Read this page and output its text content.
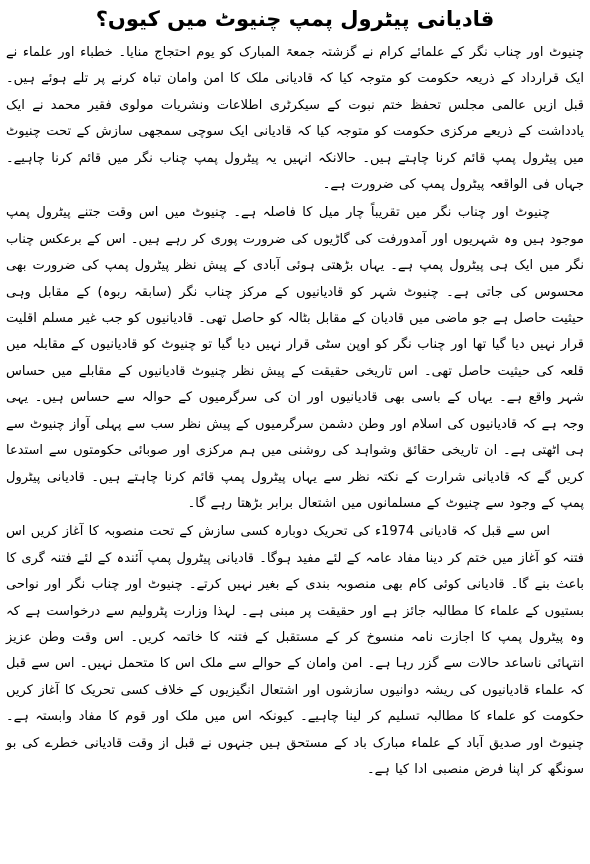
قادیانی پیٹرول پمپ چنیوٹ میں کیوں؟

چنیوٹ اور چناب نگر کے علمائے کرام نے گزشتہ جمعۃ المبارک کو یوم احتجاج منایا۔ خطباء اور علماء نے ایک قرارداد کے ذریعہ حکومت کو متوجہ کیا کہ قادیانی ملک کا امن وامان تباہ کرنے پر تلے ہوئے ہیں۔ قبل ازیں عالمی مجلس تحفظ ختم نبوت کے سیکرٹری اطلاعات ونشریات مولوی فقیر محمد نے ایک یادداشت کے ذریعے مرکزی حکومت کو متوجہ کیا کہ قادیانی ایک سوچی سمجھی سازش کے تحت چنیوٹ میں پیٹرول پمپ قائم کرنا چاہتے ہیں۔ حالانکہ انہیں یہ پیٹرول پمپ چناب نگر میں قائم کرنا چاہیے۔ جہاں فی الواقعہ پیٹرول پمپ کی ضرورت ہے۔

چنیوٹ اور چناب نگر میں تقریباً چار میل کا فاصلہ ہے۔ چنیوٹ میں اس وقت جتنے پیٹرول پمپ موجود ہیں وہ شہریوں اور آمدورفت کی گاڑیوں کی ضرورت پوری کر رہے ہیں۔ اس کے برعکس چناب نگر میں ایک ہی پیٹرول پمپ ہے۔ یہاں بڑھتی ہوئی آبادی کے پیش نظر پیٹرول پمپ کی ضرورت بھی محسوس کی جاتی ہے۔ چنیوٹ شہر کو قادیانیوں کے مرکز چناب نگر (سابقہ ربوہ) کے مقابل وہی حیثیت حاصل ہے جو ماضی میں قادیان کے مقابل بٹالہ کو حاصل تھی۔ قادیانیوں کو جب غیر مسلم اقلیت قرار نہیں دیا گیا تھا اور چناب نگر کو اوپن سٹی قرار نہیں دیا گیا تو چنیوٹ کو قادیانیوں کے مقابلہ میں قلعہ کی حیثیت حاصل تھی۔ اس تاریخی حقیقت کے پیش نظر چنیوٹ قادیانیوں کے مقابلے میں حساس شہر واقع ہے۔ یہاں کے باسی بھی قادیانیوں اور ان کی سرگرمیوں کے حوالہ سے حساس ہیں۔ یہی وجہ ہے کہ قادیانیوں کی اسلام اور وطن دشمن سرگرمیوں کے پیش نظر سب سے پہلی آواز چنیوٹ سے ہی اٹھتی ہے۔ ان تاریخی حقائق وشواہد کی روشنی میں ہم مرکزی اور صوبائی حکومتوں سے استدعا کریں گے کہ قادیانی شرارت کے نکتہ نظر سے یہاں پیٹرول پمپ قائم کرنا چاہتے ہیں۔ قادیانی پیٹرول پمپ کے وجود سے چنیوٹ کے مسلمانوں میں اشتعال برابر بڑھتا رہے گا۔

اس سے قبل کہ قادیانی 1974ء کی تحریک دوبارہ کسی سازش کے تحت منصوبہ کا آغاز کریں اس فتنہ کو آغاز میں ختم کر دینا مفاد عامہ کے لئے مفید ہوگا۔ قادیانی پیٹرول پمپ آئندہ کے لئے فتنہ گری کا باعث بنے گا۔ قادیانی کوئی کام بھی منصوبہ بندی کے بغیر نہیں کرتے۔ چنیوٹ اور چناب نگر اور نواحی بستیوں کے علماء کا مطالبہ جائز ہے اور حقیقت پر مبنی ہے۔ لہذا وزارت پٹرولیم سے درخواست ہے کہ وہ پیٹرول پمپ کا اجازت نامہ منسوخ کر کے مستقبل کے فتنہ کا خاتمہ کریں۔ اس وقت وطن عزیز انتہائی ناساعد حالات سے گزر رہا ہے۔ امن وامان کے حوالے سے ملک اس کا متحمل نہیں۔ اس سے قبل کہ علماء قادیانیوں کی ریشہ دوانیوں سازشوں اور اشتعال انگیزیوں کے خلاف کسی تحریک کا آغاز کریں حکومت کو علماء کا مطالبہ تسلیم کر لینا چاہیے۔ کیونکہ اس میں ملک اور قوم کا مفاد وابستہ ہے۔ چنیوٹ اور صدیق آباد کے علماء مبارک باد کے مستحق ہیں جنہوں نے قبل از وقت قادیانی خطرے کی بو سونگھ کر اپنا فرض منصبی ادا کیا ہے۔
